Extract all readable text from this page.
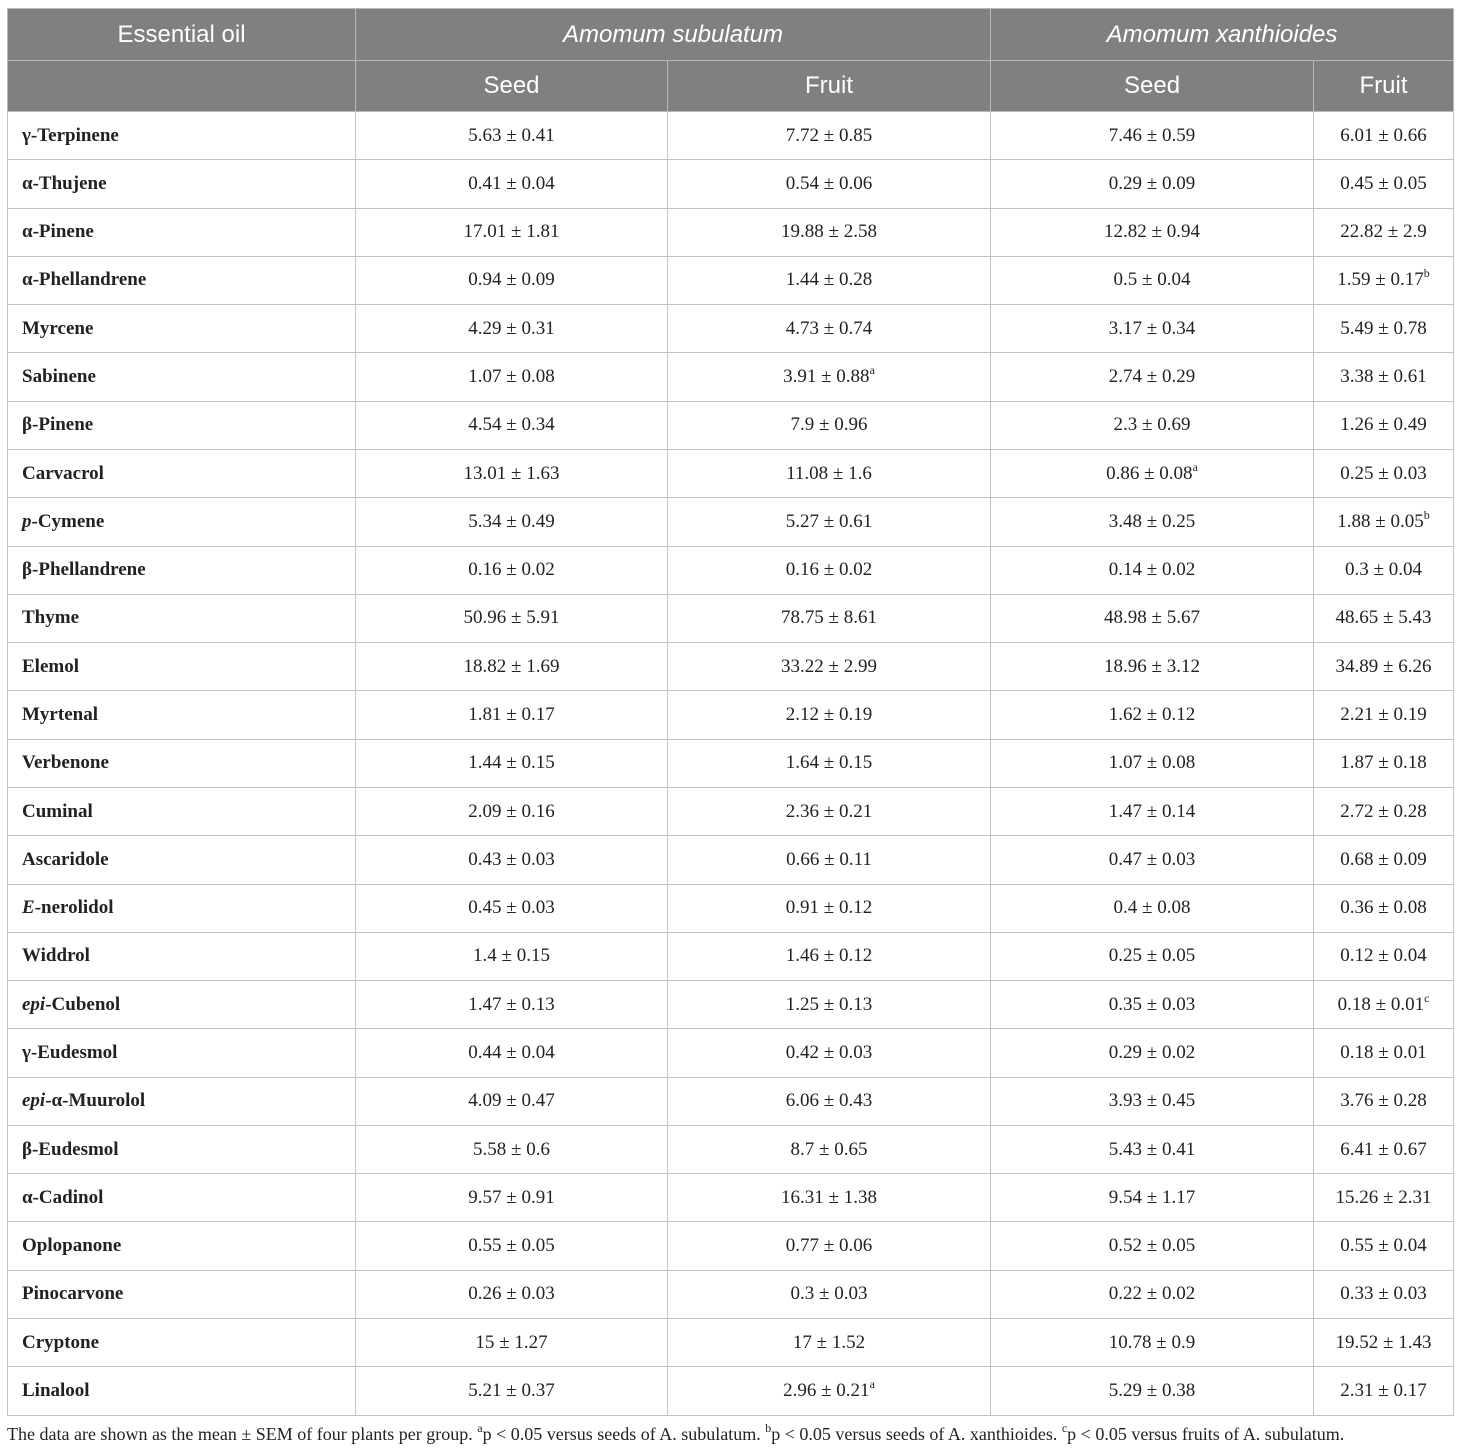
Essential oil	Amomum subulatum		Amomum xanthioides	
	Seed	Fruit	Seed	Fruit
γ-Terpinene	5.63 ± 0.41	7.72 ± 0.85	7.46 ± 0.59	6.01 ± 0.66
α-Thujene	0.41 ± 0.04	0.54 ± 0.06	0.29 ± 0.09	0.45 ± 0.05
α-Pinene	17.01 ± 1.81	19.88 ± 2.58	12.82 ± 0.94	22.82 ± 2.9
α-Phellandrene	0.94 ± 0.09	1.44 ± 0.28	0.5 ± 0.04	1.59 ± 0.17$^b$
Myrcene	4.29 ± 0.31	4.73 ± 0.74	3.17 ± 0.34	5.49 ± 0.78
Sabinene	1.07 ± 0.08	3.91 ± 0.88$^a$	2.74 ± 0.29	3.38 ± 0.61
β-Pinene	4.54 ± 0.34	7.9 ± 0.96	2.3 ± 0.69	1.26 ± 0.49
Carvacrol	13.01 ± 1.63	11.08 ± 1.6	0.86 ± 0.08$^a$	0.25 ± 0.03
p-Cymene	5.34 ± 0.49	5.27 ± 0.61	3.48 ± 0.25	1.88 ± 0.05$^b$
β-Phellandrene	0.16 ± 0.02	0.16 ± 0.02	0.14 ± 0.02	0.3 ± 0.04
Thyme	50.96 ± 5.91	78.75 ± 8.61	48.98 ± 5.67	48.65 ± 5.43
Elemol	18.82 ± 1.69	33.22 ± 2.99	18.96 ± 3.12	34.89 ± 6.26
Myrtenal	1.81 ± 0.17	2.12 ± 0.19	1.62 ± 0.12	2.21 ± 0.19
Verbenone	1.44 ± 0.15	1.64 ± 0.15	1.07 ± 0.08	1.87 ± 0.18
Cuminal	2.09 ± 0.16	2.36 ± 0.21	1.47 ± 0.14	2.72 ± 0.28
Ascaridole	0.43 ± 0.03	0.66 ± 0.11	0.47 ± 0.03	0.68 ± 0.09
E-nerolidol	0.45 ± 0.03	0.91 ± 0.12	0.4 ± 0.08	0.36 ± 0.08
Widdrol	1.4 ± 0.15	1.46 ± 0.12	0.25 ± 0.05	0.12 ± 0.04
epi-Cubenol	1.47 ± 0.13	1.25 ± 0.13	0.35 ± 0.03	0.18 ± 0.01$^c$
γ-Eudesmol	0.44 ± 0.04	0.42 ± 0.03	0.29 ± 0.02	0.18 ± 0.01
epi-α-Muurolol	4.09 ± 0.47	6.06 ± 0.43	3.93 ± 0.45	3.76 ± 0.28
β-Eudesmol	5.58 ± 0.6	8.7 ± 0.65	5.43 ± 0.41	6.41 ± 0.67
α-Cadinol	9.57 ± 0.91	16.31 ± 1.38	9.54 ± 1.17	15.26 ± 2.31
Oplopanone	0.55 ± 0.05	0.77 ± 0.06	0.52 ± 0.05	0.55 ± 0.04
Pinocarvone	0.26 ± 0.03	0.3 ± 0.03	0.22 ± 0.02	0.33 ± 0.03
Cryptone	15 ± 1.27	17 ± 1.52	10.78 ± 0.9	19.52 ± 1.43
Linalool	5.21 ± 0.37	2.96 ± 0.21$^a$	5.29 ± 0.38	2.31 ± 0.17
The data are shown as the mean ± SEM of four plants per group. $^a$p < 0.05 versus seeds of A. subulatum. $^b$p < 0.05 versus seeds of A. xanthioides. $^c$p < 0.05 versus fruits of A. subulatum.
